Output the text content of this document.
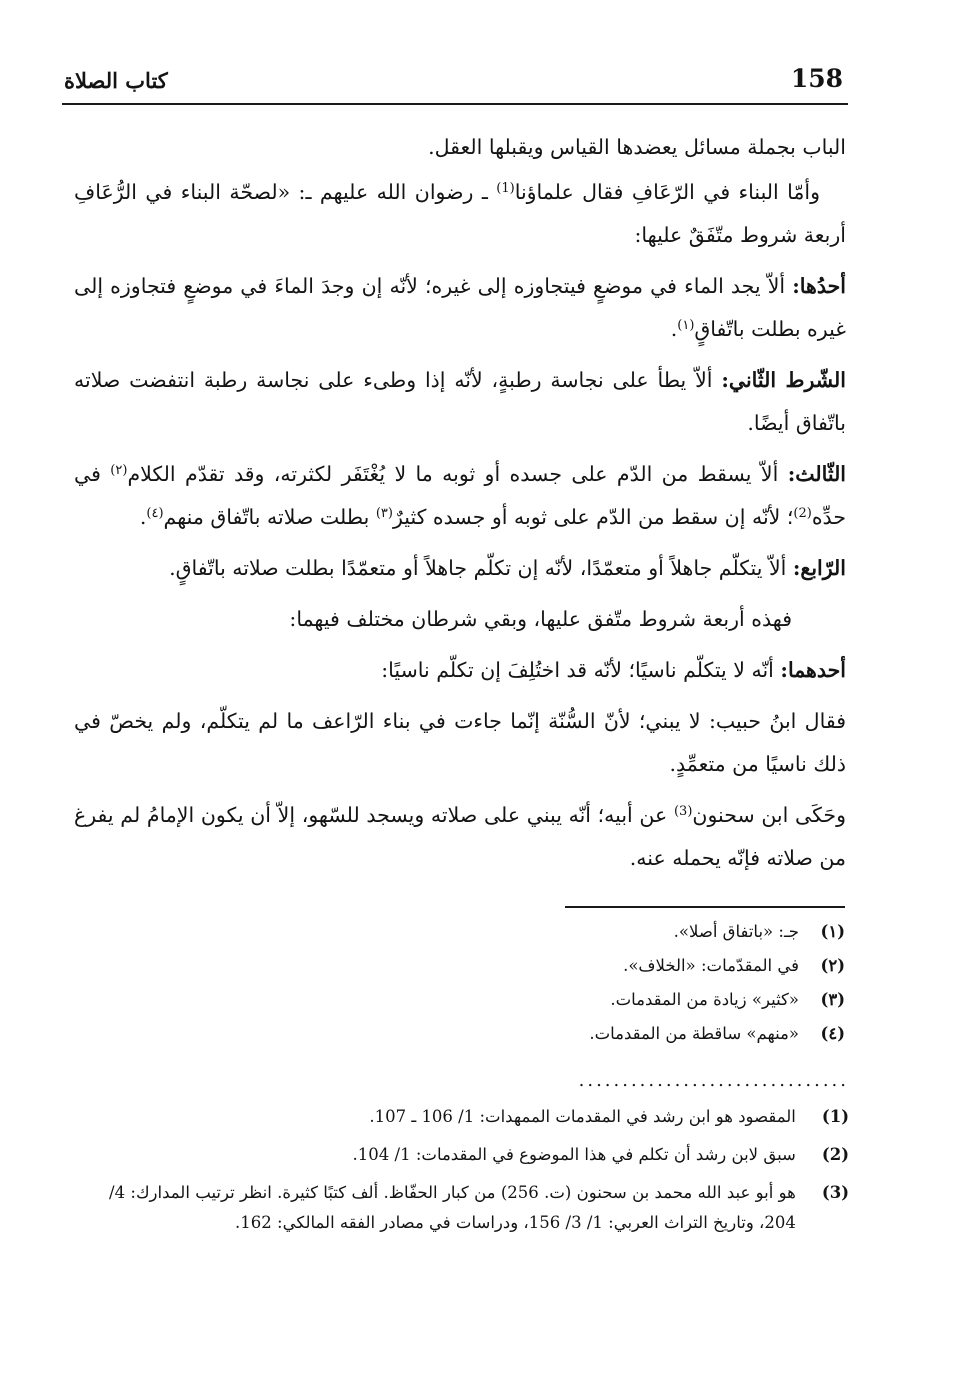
كتاب الصلاة	158

الباب بجملة مسائل يعضدها القياس ويقبلها العقل.

وأمّا البناء في الرّعَافِ فقال علماؤنا$^{(1)}$ ـ رضوان الله عليهم ـ: «لصحّة البناء في الرُّعَافِ أربعة شروط متّفَقٌ عليها:

أحدُها: ألاّ يجد الماء في موضعٍ فيتجاوزه إلى غيره؛ لأنّه إن وجدَ الماءَ في موضعٍ فتجاوزه إلى غيره بطلت باتّفاقٍ$^{(١)}$.

الشّرط الثّاني: ألاّ يطأ على نجاسة رطبةٍ، لأنّه إذا وطىء على نجاسة رطبة انتفضت صلاته باتّفاق أيضًا.

الثّالث: ألاّ يسقط من الدّم على جسده أو ثوبه ما لا يُغْتَفَر لكثرته، وقد تقدّم الكلام$^{(٢)}$ في حدِّه$^{(2)}$؛ لأنّه إن سقط من الدّم على ثوبه أو جسده كثيرٌ$^{(٣)}$ بطلت صلاته باتّفاق منهم$^{(٤)}$.

الرّابع: ألاّ يتكلّم جاهلاً أو متعمّدًا، لأنّه إن تكلّم جاهلاً أو متعمّدًا بطلت صلاته باتّفاقٍ.

فهذه أربعة شروط متّفق عليها، وبقي شرطان مختلف فيهما:

أحدهما: أنّه لا يتكلّم ناسيًا؛ لأنّه قد اختُلِفَ إن تكلّم ناسيًا:

فقال ابنُ حبيب: لا يبني؛ لأنّ السُّنّة إنّما جاءت في بناء الرّاعف ما لم يتكلّم، ولم يخصّ في ذلك ناسيًا من متعمِّدٍ.

وحَكَى ابن سحنون$^{(3)}$ عن أبيه؛ أنّه يبني على صلاته ويسجد للسّهو، إلاّ أن يكون الإمامُ لم يفرغ من صلاته فإنّه يحمله عنه.

(١)
جـ: «باتفاق أصلا».
(٢)
في المقدّمات: «الخلاف».
(٣)
«كثير» زيادة من المقدمات.
(٤)
«منهم» ساقطة من المقدمات.
...............................
(1)
المقصود هو ابن رشد في المقدمات الممهدات: 1/ 106 ـ 107.
(2)
سبق لابن رشد أن تكلم في هذا الموضوع في المقدمات: 1/ 104.
(3)
هو أبو عبد الله محمد بن سحنون (ت. 256) من كبار الحفّاظ. ألف كتبًا كثيرة. انظر ترتيب المدارك: 4/ 204، وتاريخ التراث العربي: 1/ 3/ 156، ودراسات في مصادر الفقه المالكي: 162.
